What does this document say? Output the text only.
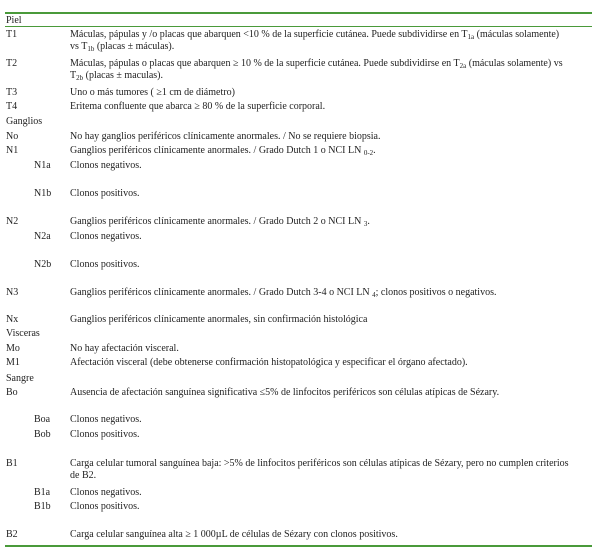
Piel
T1	Máculas, pápulas y /o placas que abarquen <10 % de la superficie cutánea. Puede subdividirse en $T_{1a}$ (máculas solamente) vs $T_{1b}$ (placas ± máculas).
T2	Máculas, pápulas o placas que abarquen ≥ 10 % de la superficie cutánea. Puede subdividirse en $T_{2a}$ (máculas solamente) vs $T_{2b}$ (placas ± maculas).
T3	Uno o más tumores ( ≥1 cm de diámetro)
T4	Eritema confluente que abarca ≥ 80 % de la superficie corporal.
Ganglios
No	No hay ganglios periféricos clínicamente anormales. / No se requiere biopsia.
N1	Ganglios periféricos clínicamente anormales. / Grado Dutch 1 o NCI LN $_{0-2}$.
N1a Clonos negativos.
N1b Clonos positivos.
N2	Ganglios periféricos clínicamente anormales. / Grado Dutch 2 o NCI LN $_3$.
N2a Clonos negativos.
N2b Clonos positivos.
N3	Ganglios periféricos clínicamente anormales. / Grado Dutch 3-4 o NCI LN $_4$; clonos positivos o negativos.
Nx	Ganglios periféricos clínicamente anormales, sin confirmación histológica
Visceras
Mo	No hay afectación visceral.
M1	Afectación visceral (debe obtenerse confirmación histopatológica y especificar el órgano afectado).
Sangre
Bo	Ausencia de afectación sanguínea significativa ≤5% de linfocitos periféricos son células atípicas de Sézary.
Boa Clonos negativos.
Bob Clonos positivos.
B1	Carga celular tumoral sanguínea baja: >5% de linfocitos periféricos son células atípicas de Sézary, pero no cumplen criterios de B2.
B1a Clonos negativos.
B1b Clonos positivos.
B2	Carga celular sanguínea alta ≥ 1 000µL de células de Sézary con clonos positivos.
